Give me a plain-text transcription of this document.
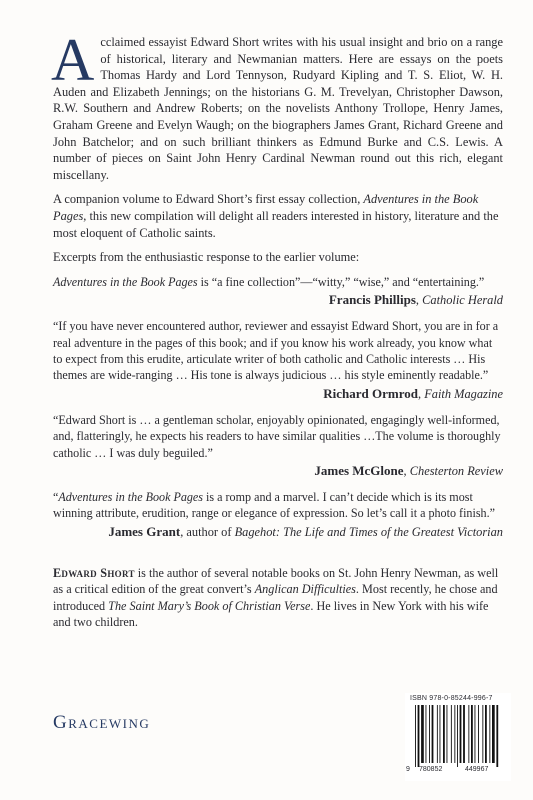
Acclaimed essayist Edward Short writes with his usual insight and brio on a range of historical, literary and Newmanian matters. Here are essays on the poets Thomas Hardy and Lord Tennyson, Rudyard Kipling and T. S. Eliot, W. H. Auden and Elizabeth Jennings; on the historians G. M. Trevelyan, Christopher Dawson, R.W. Southern and Andrew Roberts; on the novelists Anthony Trollope, Henry James, Graham Greene and Evelyn Waugh; on the biographers James Grant, Richard Greene and John Batchelor; and on such brilliant thinkers as Edmund Burke and C.S. Lewis. A number of pieces on Saint John Henry Cardinal Newman round out this rich, elegant miscellany.

A companion volume to Edward Short’s first essay collection, Adventures in the Book Pages, this new compilation will delight all readers interested in history, literature and the most eloquent of Catholic saints.

Excerpts from the enthusiastic response to the earlier volume:

Adventures in the Book Pages is “a fine collection”—“witty,” “wise,” and “entertaining.”

Francis Phillips, Catholic Herald

“If you have never encountered author, reviewer and essayist Edward Short, you are in for a real adventure in the pages of this book; and if you know his work already, you know what to expect from this erudite, articulate writer of both catholic and Catholic interests … His themes are wide-ranging … His tone is always judicious … his style eminently readable.”

Richard Ormrod, Faith Magazine

“Edward Short is … a gentleman scholar, enjoyably opinionated, engagingly well-informed, and, flatteringly, he expects his readers to have similar qualities …The volume is thoroughly catholic … I was duly beguiled.”

James McGlone, Chesterton Review

“Adventures in the Book Pages is a romp and a marvel. I can’t decide which is its most winning attribute, erudition, range or elegance of expression. So let’s call it a photo finish.”

James Grant, author of Bagehot: The Life and Times of the Greatest Victorian

Edward Short is the author of several notable books on St. John Henry Newman, as well as a critical edition of the great convert’s Anglican Difficulties. Most recently, he chose and introduced The Saint Mary’s Book of Christian Verse. He lives in New York with his wife and two children.

Gracewing
ISBN 978-0-85244-996-7
9 780852	449967
